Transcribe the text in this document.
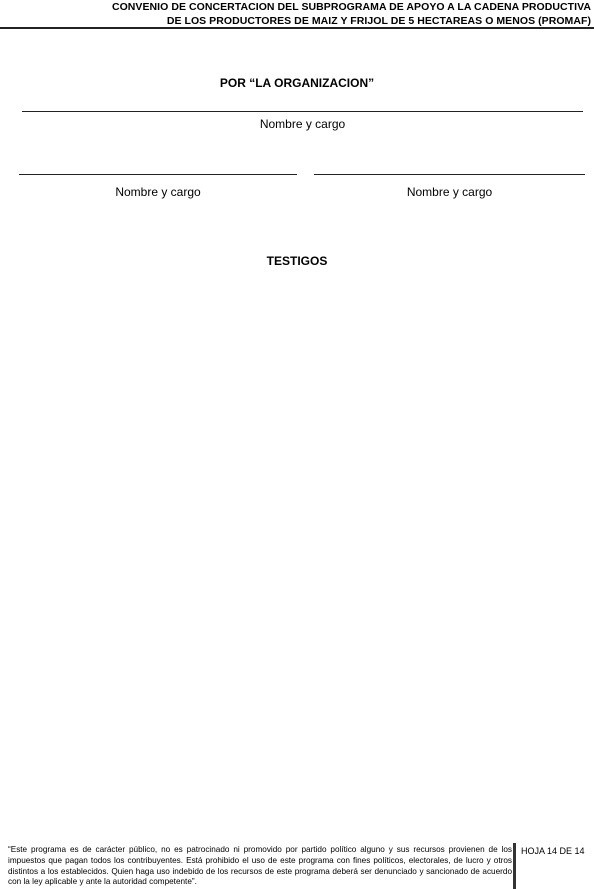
CONVENIO DE CONCERTACION DEL SUBPROGRAMA DE APOYO A LA CADENA PRODUCTIVA
DE LOS PRODUCTORES DE MAIZ Y FRIJOL DE 5 HECTAREAS O MENOS (PROMAF)
POR “LA ORGANIZACION”
Nombre y cargo
Nombre y cargo	Nombre y cargo
TESTIGOS
“Este programa es de carácter público, no es patrocinado ni promovido por partido político alguno y sus recursos provienen de los impuestos que pagan todos los contribuyentes. Está prohibido el uso de este programa con fines políticos, electorales, de lucro y otros distintos a los establecidos. Quien haga uso indebido de los recursos de este programa deberá ser denunciado y sancionado de acuerdo con la ley aplicable y ante la autoridad competente”.
HOJA 14 DE 14
